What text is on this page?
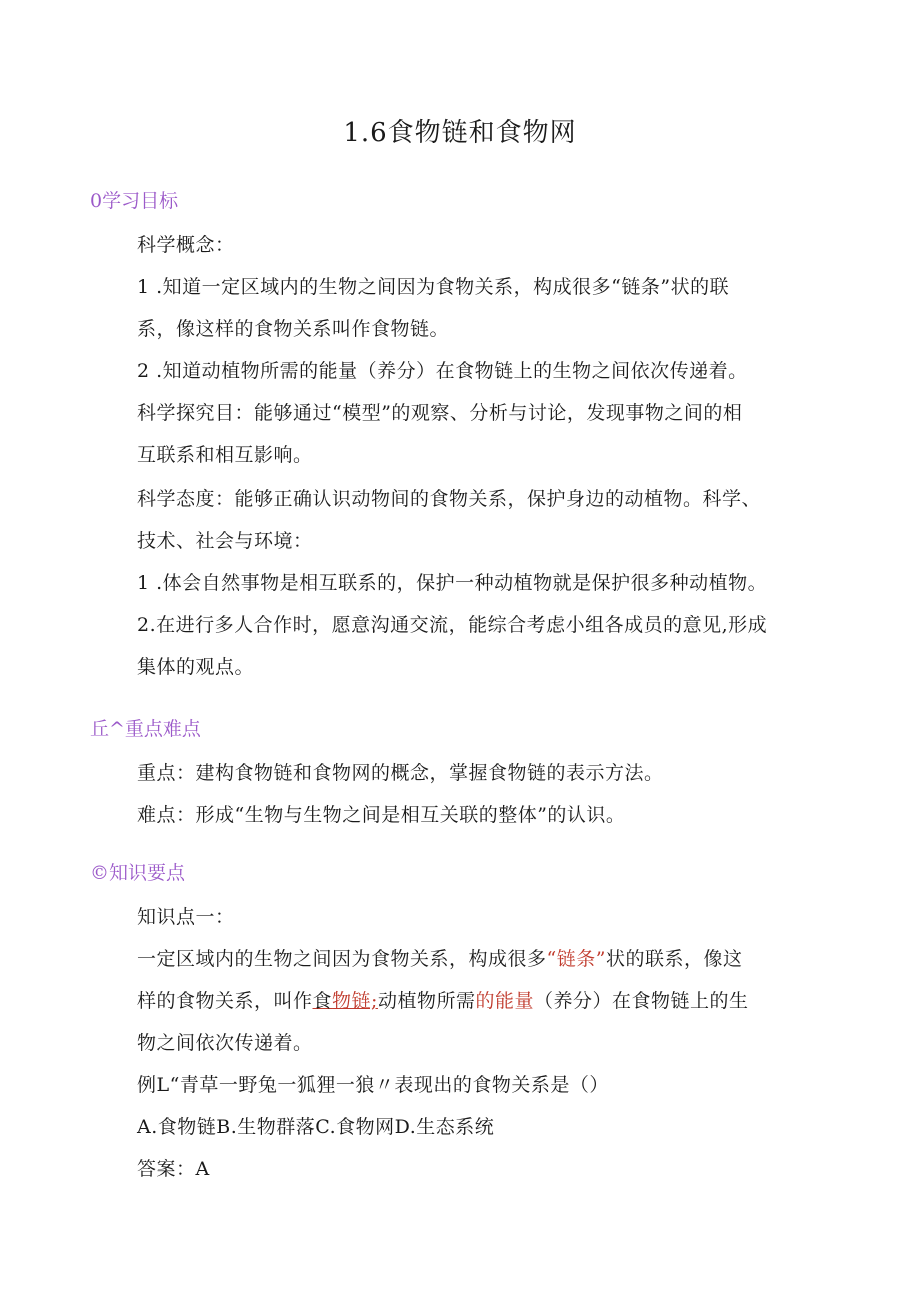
1.6食物链和食物网
0学习目标
科学概念：
1 .知道一定区域内的生物之间因为食物关系，构成很多“链条”状的联
系，像这样的食物关系叫作食物链。
2 .知道动植物所需的能量（养分）在食物链上的生物之间依次传递着。
科学探究目：能够通过“模型”的观察、分析与讨论，发现事物之间的相
互联系和相互影响。
科学态度：能够正确认识动物间的食物关系，保护身边的动植物。科学、
技术、社会与环境：
1 .体会自然事物是相互联系的，保护一种动植物就是保护很多种动植物。
2.在进行多人合作时，愿意沟通交流，能综合考虑小组各成员的意见,形成
集体的观点。
丘^重点难点
重点：建构食物链和食物网的概念，掌握食物链的表示方法。
难点：形成“生物与生物之间是相互关联的整体”的认识。
©知识要点
知识点一：
一定区域内的生物之间因为食物关系，构成很多“链条”状的联系，像这
样的食物关系，叫作食物链;动植物所需的能量（养分）在食物链上的生
物之间依次传递着。
例L“青草一野兔一狐狸一狼〃表现出的食物关系是（）
A.食物链B.生物群落C.食物网D.生态系统
答案：A
